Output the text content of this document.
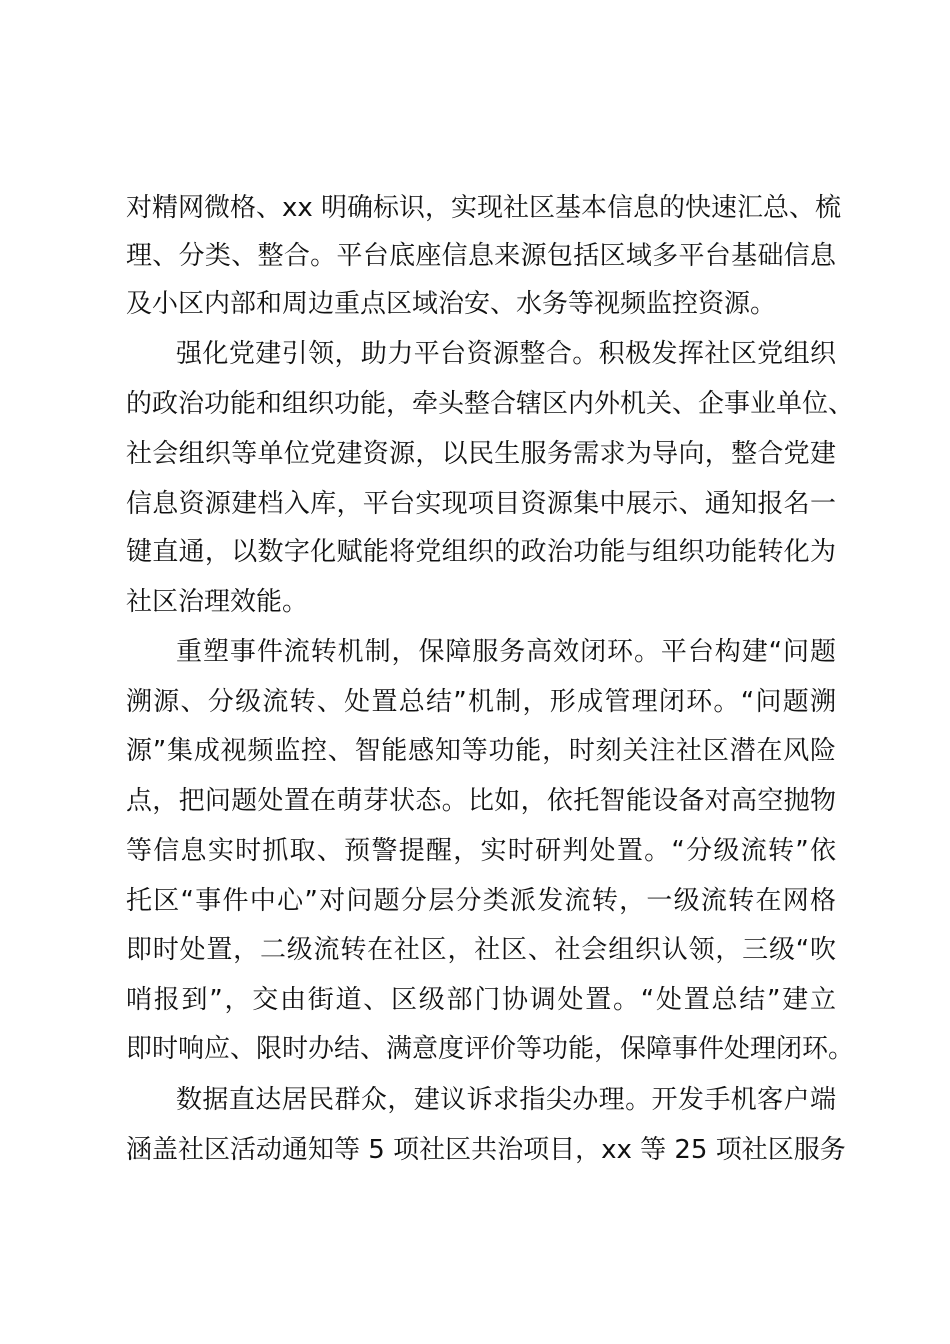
对精网微格、xx 明确标识，实现社区基本信息的快速汇总、梳
理、分类、整合。平台底座信息来源包括区域多平台基础信息
及小区内部和周边重点区域治安、水务等视频监控资源。
强化党建引领，助力平台资源整合。积极发挥社区党组织
的政治功能和组织功能，牵头整合辖区内外机关、企事业单位、
社会组织等单位党建资源，以民生服务需求为导向，整合党建
信息资源建档入库，平台实现项目资源集中展示、通知报名一
键直通，以数字化赋能将党组织的政治功能与组织功能转化为
社区治理效能。
重塑事件流转机制，保障服务高效闭环。平台构建“问题
溯源、分级流转、处置总结”机制，形成管理闭环。“问题溯
源”集成视频监控、智能感知等功能，时刻关注社区潜在风险
点，把问题处置在萌芽状态。比如，依托智能设备对高空抛物
等信息实时抓取、预警提醒，实时研判处置。“分级流转”依
托区“事件中心”对问题分层分类派发流转，一级流转在网格
即时处置，二级流转在社区，社区、社会组织认领，三级“吹
哨报到”，交由街道、区级部门协调处置。“处置总结”建立
即时响应、限时办结、满意度评价等功能，保障事件处理闭环。
数据直达居民群众，建议诉求指尖办理。开发手机客户端
涵盖社区活动通知等 5 项社区共治项目，xx 等 25 项社区服务
